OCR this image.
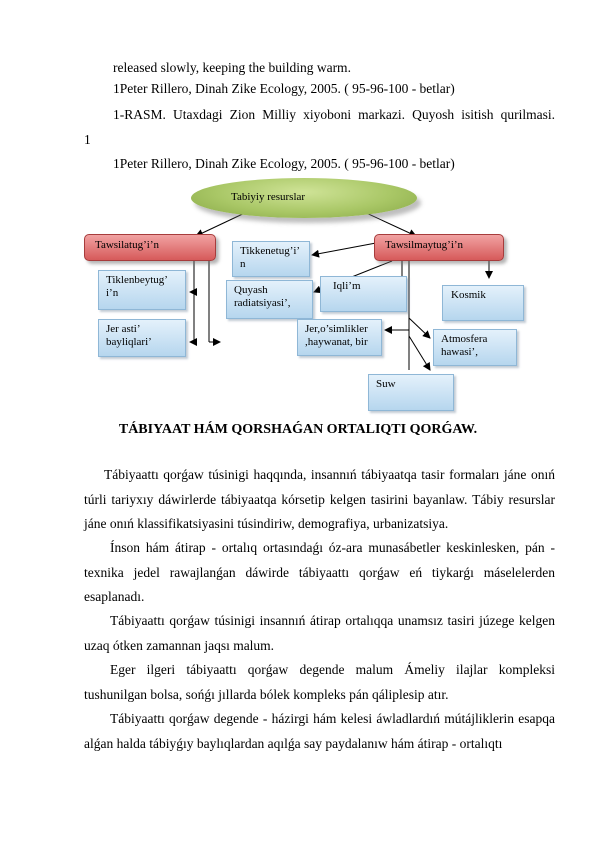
released slowly, keeping the building warm.
1Peter Rillero, Dinah Zike Ecology, 2005. ( 95-96-100 - betlar)
1-RASM. Utaxdagi Zion Milliy xiyoboni markazi. Quyosh isitish qurilmasi.
1
1Peter Rillero, Dinah Zike Ecology, 2005. ( 95-96-100 - betlar)
Tabiyiy resurslar
Tawsilatug’i’n	Tawsilmaytug’i’n
Tiklenbeytug’ i’n
Jer asti’ bayliqlari’
Tikkenetug’i’ n
Quyash radiatsiyasi’,
Iqli’m
Jer,o’simlikler ,haywanat, bir
Suw
Kosmik
Atmosfera hawasi’,
TÁBIYAAT HÁM QORSHAǴAN ORTALIQTI QORǴAW.
Tábiyaattı qorǵaw túsinigi haqqında, insannıń tábiyaatqa tasir formaları jáne onıń túrli tariyxıy dáwirlerde tábiyaatqa kórsetip kelgen tasirini bayanlaw. Tábiy resurslar jáne onıń klassifikatsiyasini túsindiriw, demografiya, urbanizatsiya.
Ínson hám átirap - ortalıq ortasındaǵı óz-ara munasábetler keskinlesken, pán - texnika jedel rawajlanǵan dáwirde tábiyaattı qorǵaw eń tiykarǵı máselelerden esaplanadı.
Tábiyaattı qorǵaw túsinigi insannıń átirap ortalıqqa unamsız tasiri júzege kelgen uzaq ótken zamannan jaqsı malum.
Eger ilgeri tábiyaattı qorǵaw degende malum Ámeliy ilajlar kompleksi tushunilgan bolsa, sońǵı jıllarda bólek kompleks pán qáliplesip atır.
Tábiyaattı qorǵaw degende - házirgi hám kelesi áwladlardıń mútájliklerin esapqa alǵan halda tábiyǵıy baylıqlardan aqılǵa say paydalanıw hám átirap - ortalıqtı
